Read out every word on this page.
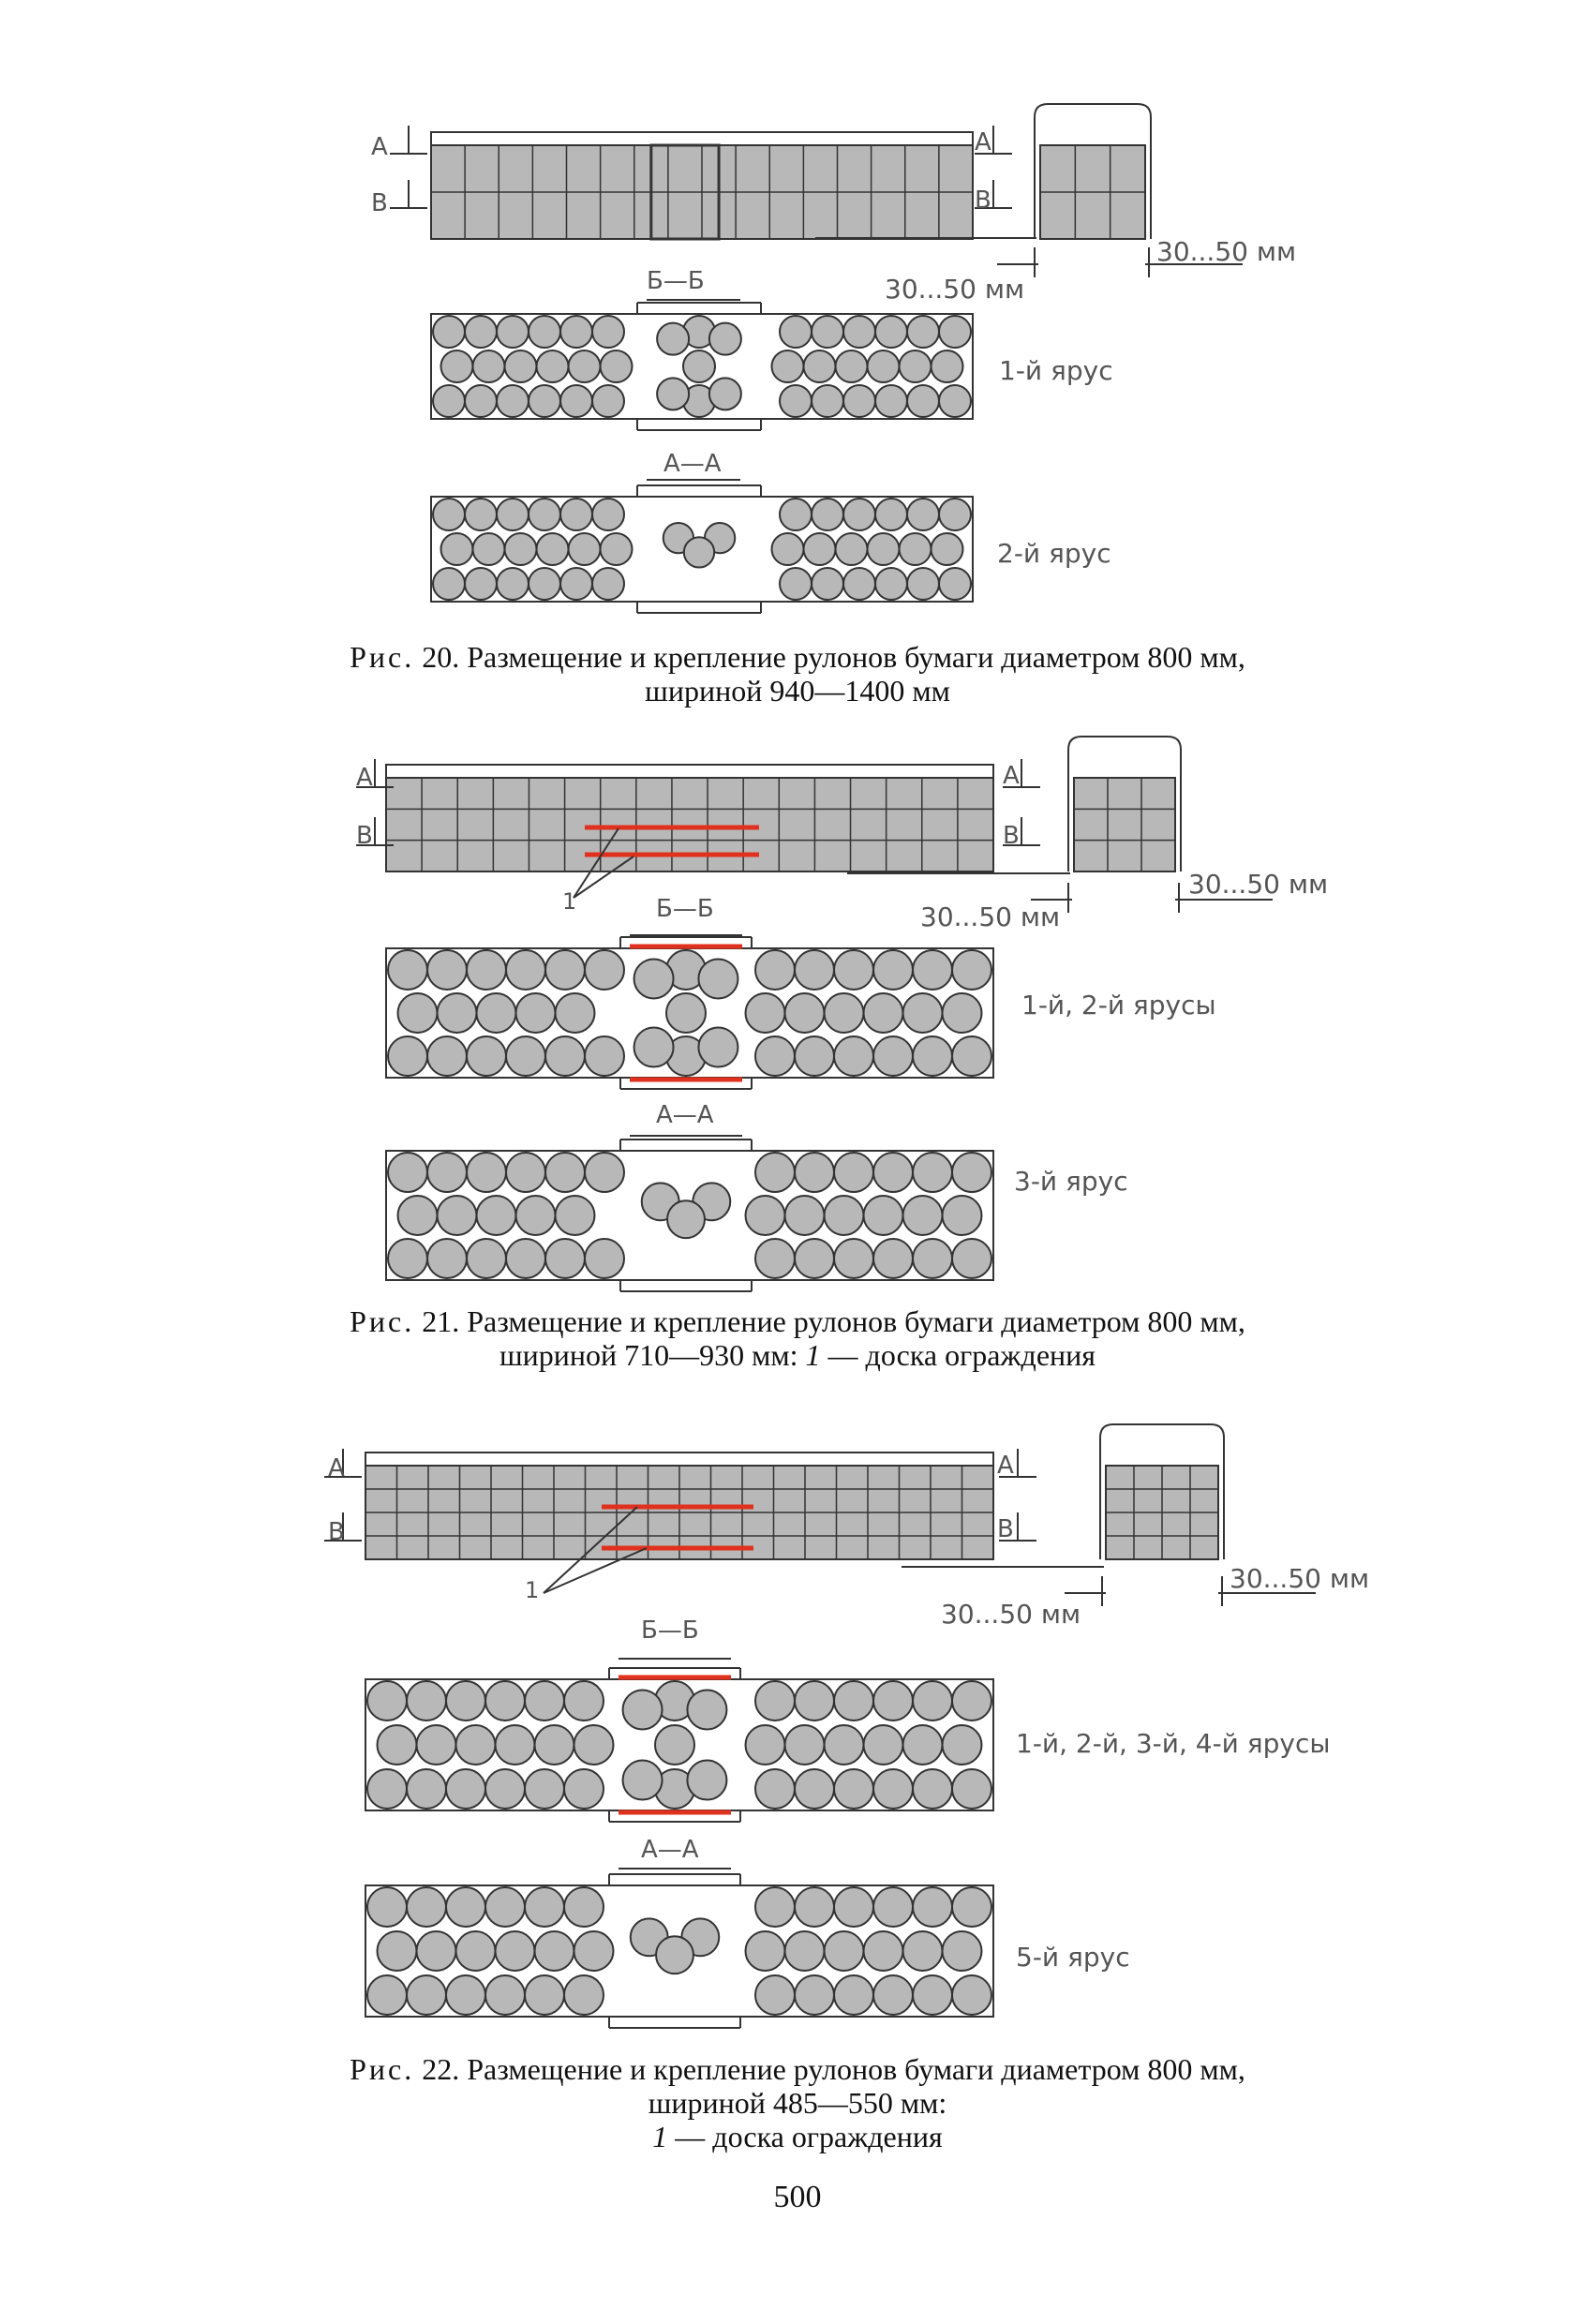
А
В
А
В
Б—Б
А—А
30...50 мм
30...50 мм
1-й ярус
2-й ярус
Рис. 20. Размещение и крепление рулонов бумаги диаметром 800 мм,
шириной 940—1400 мм
1
А
В
А
В
Б—Б
А—А
30...50 мм
30...50 мм
1-й, 2-й ярусы
3-й ярус
Рис. 21. Размещение и крепление рулонов бумаги диаметром 800 мм,
шириной 710—930 мм: 1 — доска ограждения
1
А
В
А
В
Б—Б
А—А
30...50 мм
30...50 мм
1-й, 2-й, 3-й, 4-й ярусы
5-й ярус
Рис. 22. Размещение и крепление рулонов бумаги диаметром 800 мм,
шириной 485—550 мм:
1 — доска ограждения
500
